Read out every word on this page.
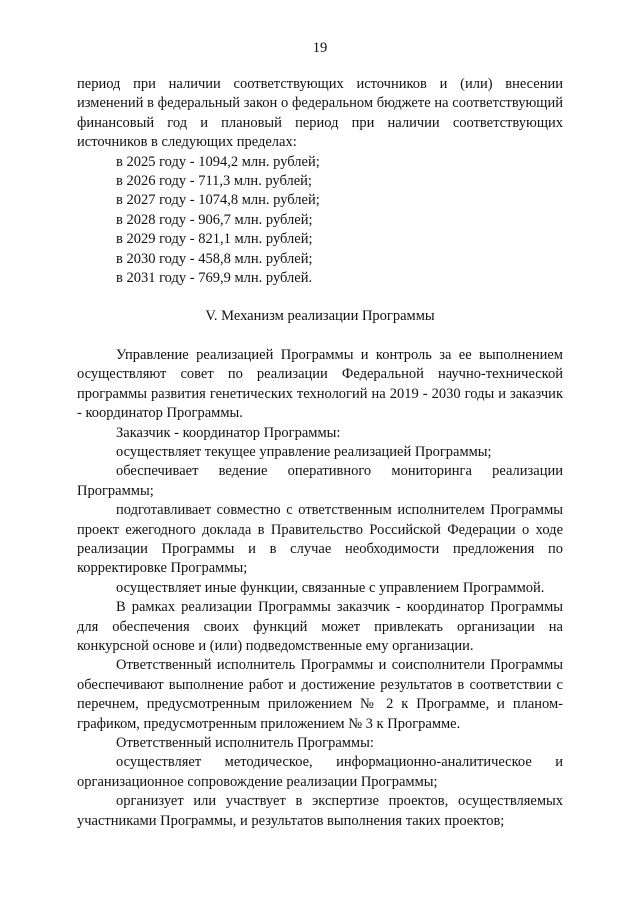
19

период при наличии соответствующих источников и (или) внесении изменений в федеральный закон о федеральном бюджете на соответствующий финансовый год и плановый период при наличии соответствующих источников в следующих пределах:

в 2025 году - 1094,2 млн. рублей;

в 2026 году - 711,3 млн. рублей;

в 2027 году - 1074,8 млн. рублей;

в 2028 году - 906,7 млн. рублей;

в 2029 году - 821,1 млн. рублей;

в 2030 году - 458,8 млн. рублей;

в 2031 году - 769,9 млн. рублей.

V. Механизм реализации Программы

Управление реализацией Программы и контроль за ее выполнением осуществляют совет по реализации Федеральной научно-технической программы развития генетических технологий на 2019 - 2030 годы и заказчик - координатор Программы.

Заказчик - координатор Программы:

осуществляет текущее управление реализацией Программы;

обеспечивает ведение оперативного мониторинга реализации Программы;

подготавливает совместно с ответственным исполнителем Программы проект ежегодного доклада в Правительство Российской Федерации о ходе реализации Программы и в случае необходимости предложения по корректировке Программы;

осуществляет иные функции, связанные с управлением Программой.

В рамках реализации Программы заказчик - координатор Программы для обеспечения своих функций может привлекать организации на конкурсной основе и (или) подведомственные ему организации.

Ответственный исполнитель Программы и соисполнители Программы обеспечивают выполнение работ и достижение результатов в соответствии с перечнем, предусмотренным приложением № 2 к Программе, и планом-графиком, предусмотренным приложением № 3 к Программе.

Ответственный исполнитель Программы:

осуществляет методическое, информационно-аналитическое и организационное сопровождение реализации Программы;

организует или участвует в экспертизе проектов, осуществляемых участниками Программы, и результатов выполнения таких проектов;
